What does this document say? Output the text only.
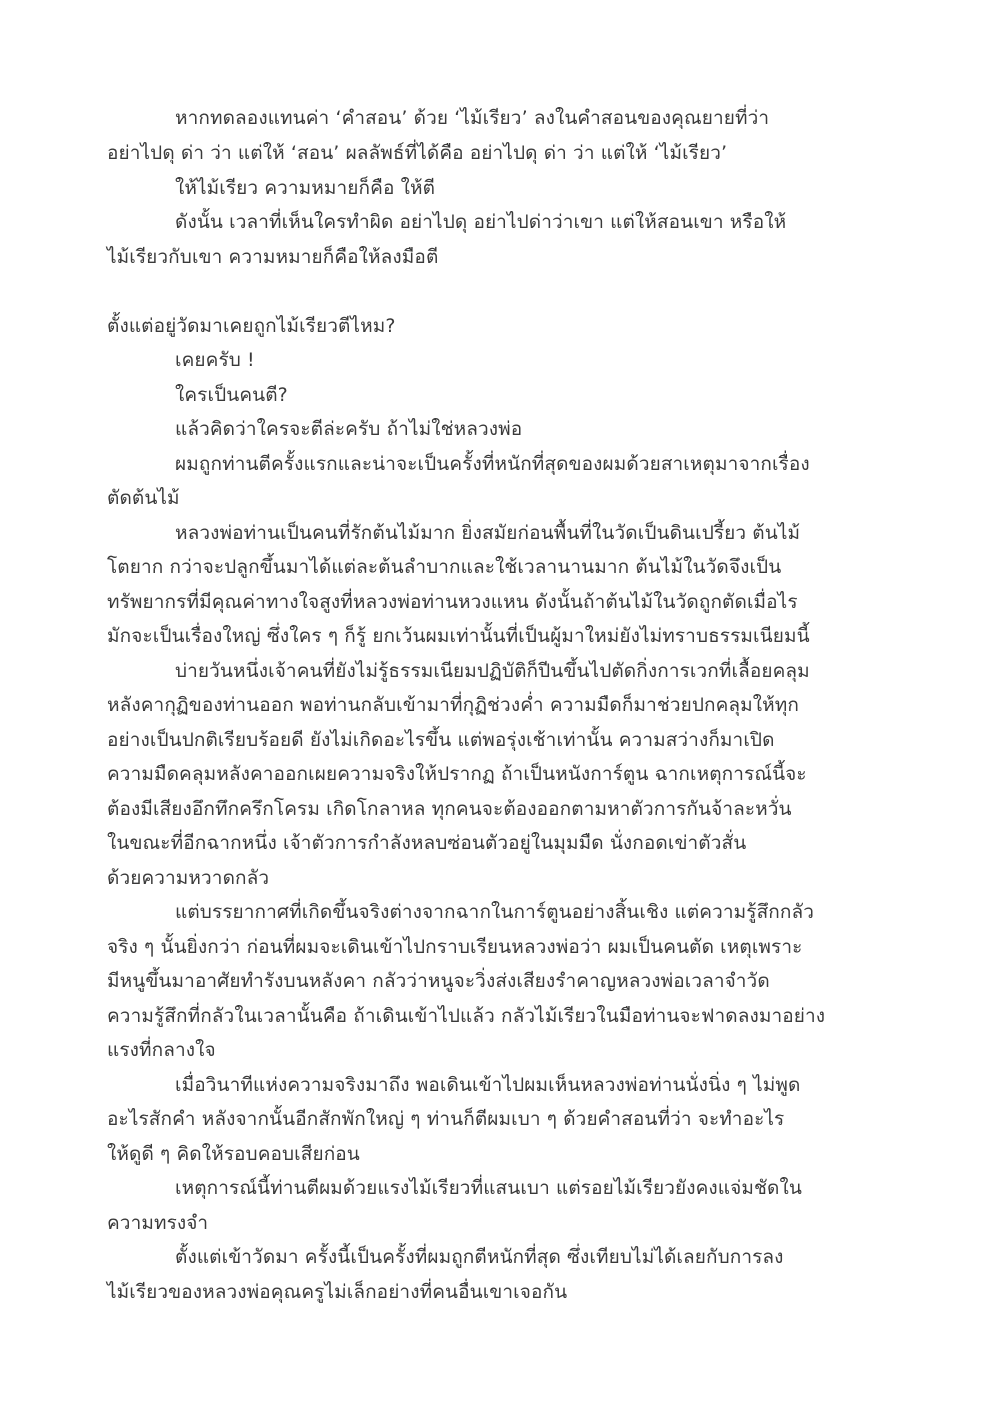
หากทดลองแทนค่า ‘คำสอน’ ด้วย ‘ไม้เรียว’ ลงในคำสอนของคุณยายที่ว่า
อย่าไปดุ ด่า ว่า แต่ให้ ‘สอน’ ผลลัพธ์ที่ได้คือ อย่าไปดุ ด่า ว่า แต่ให้ ‘ไม้เรียว’
ให้ไม้เรียว ความหมายก็คือ ให้ตี
ดังนั้น เวลาที่เห็นใครทำผิด อย่าไปดุ อย่าไปด่าว่าเขา แต่ให้สอนเขา หรือให้
ไม้เรียวกับเขา ความหมายก็คือให้ลงมือตี
ตั้งแต่อยู่วัดมาเคยถูกไม้เรียวตีไหม?
เคยครับ !
ใครเป็นคนตี?
แล้วคิดว่าใครจะตีล่ะครับ ถ้าไม่ใช่หลวงพ่อ
ผมถูกท่านตีครั้งแรกและน่าจะเป็นครั้งที่หนักที่สุดของผมด้วยสาเหตุมาจากเรื่อง
ตัดต้นไม้
หลวงพ่อท่านเป็นคนที่รักต้นไม้มาก ยิ่งสมัยก่อนพื้นที่ในวัดเป็นดินเปรี้ยว ต้นไม้
โตยาก กว่าจะปลูกขึ้นมาได้แต่ละต้นลำบากและใช้เวลานานมาก ต้นไม้ในวัดจึงเป็น
ทรัพยากรที่มีคุณค่าทางใจสูงที่หลวงพ่อท่านหวงแหน ดังนั้นถ้าต้นไม้ในวัดถูกตัดเมื่อไร
มักจะเป็นเรื่องใหญ่ ซึ่งใคร ๆ ก็รู้ ยกเว้นผมเท่านั้นที่เป็นผู้มาใหม่ยังไม่ทราบธรรมเนียมนี้
บ่ายวันหนึ่งเจ้าคนที่ยังไม่รู้ธรรมเนียมปฏิบัติก็ปีนขึ้นไปตัดกิ่งการเวกที่เลื้อยคลุม
หลังคากุฏิของท่านออก พอท่านกลับเข้ามาที่กุฏิช่วงค่ำ ความมืดก็มาช่วยปกคลุมให้ทุก
อย่างเป็นปกติเรียบร้อยดี ยังไม่เกิดอะไรขึ้น แต่พอรุ่งเช้าเท่านั้น ความสว่างก็มาเปิด
ความมืดคลุมหลังคาออกเผยความจริงให้ปรากฏ ถ้าเป็นหนังการ์ตูน ฉากเหตุการณ์นี้จะ
ต้องมีเสียงอึกทึกครึกโครม เกิดโกลาหล ทุกคนจะต้องออกตามหาตัวการกันจ้าละหวั่น
ในขณะที่อีกฉากหนึ่ง เจ้าตัวการกำลังหลบซ่อนตัวอยู่ในมุมมืด นั่งกอดเข่าตัวสั่น
ด้วยความหวาดกลัว
แต่บรรยากาศที่เกิดขึ้นจริงต่างจากฉากในการ์ตูนอย่างสิ้นเชิง แต่ความรู้สึกกลัว
จริง ๆ นั้นยิ่งกว่า ก่อนที่ผมจะเดินเข้าไปกราบเรียนหลวงพ่อว่า ผมเป็นคนตัด เหตุเพราะ
มีหนูขึ้นมาอาศัยทำรังบนหลังคา กลัวว่าหนูจะวิ่งส่งเสียงรำคาญหลวงพ่อเวลาจำวัด
ความรู้สึกที่กลัวในเวลานั้นคือ ถ้าเดินเข้าไปแล้ว กลัวไม้เรียวในมือท่านจะฟาดลงมาอย่าง
แรงที่กลางใจ
เมื่อวินาทีแห่งความจริงมาถึง พอเดินเข้าไปผมเห็นหลวงพ่อท่านนั่งนิ่ง ๆ ไม่พูด
อะไรสักคำ หลังจากนั้นอีกสักพักใหญ่ ๆ ท่านก็ตีผมเบา ๆ ด้วยคำสอนที่ว่า จะทำอะไร
ให้ดูดี ๆ คิดให้รอบคอบเสียก่อน
เหตุการณ์นี้ท่านตีผมด้วยแรงไม้เรียวที่แสนเบา แต่รอยไม้เรียวยังคงแจ่มชัดใน
ความทรงจำ
ตั้งแต่เข้าวัดมา ครั้งนี้เป็นครั้งที่ผมถูกตีหนักที่สุด ซึ่งเทียบไม่ได้เลยกับการลง
ไม้เรียวของหลวงพ่อคุณครูไม่เล็กอย่างที่คนอื่นเขาเจอกัน
